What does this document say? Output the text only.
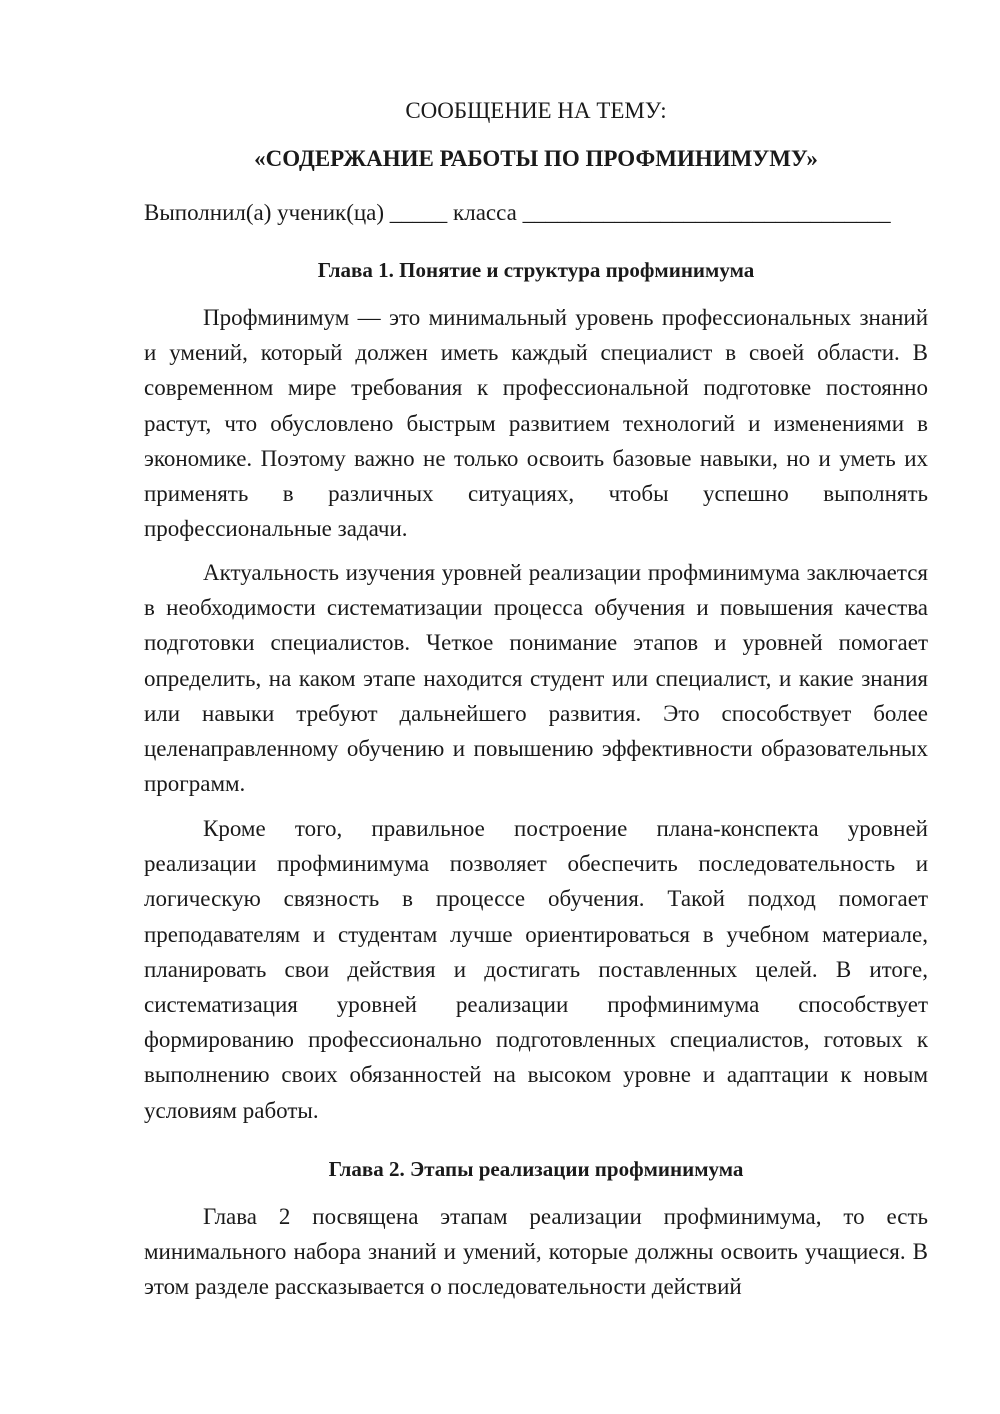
СООБЩЕНИЕ НА ТЕМУ:
«СОДЕРЖАНИЕ РАБОТЫ ПО ПРОФМИНИМУМУ»
Выполнил(а) ученик(ца) _____ класса ________________________________
Глава 1. Понятие и структура профминимума

Профминимум — это минимальный уровень профессиональных знаний и умений, который должен иметь каждый специалист в своей области. В современном мире требования к профессиональной подготовке постоянно растут, что обусловлено быстрым развитием технологий и изменениями в экономике. Поэтому важно не только освоить базовые навыки, но и уметь их применять в различных ситуациях, чтобы успешно выполнять профессиональные задачи.

Актуальность изучения уровней реализации профминимума заключается в необходимости систематизации процесса обучения и повышения качества подготовки специалистов. Четкое понимание этапов и уровней помогает определить, на каком этапе находится студент или специалист, и какие знания или навыки требуют дальнейшего развития. Это способствует более целенаправленному обучению и повышению эффективности образовательных программ.

Кроме того, правильное построение плана-конспекта уровней реализации профминимума позволяет обеспечить последовательность и логическую связность в процессе обучения. Такой подход помогает преподавателям и студентам лучше ориентироваться в учебном материале, планировать свои действия и достигать поставленных целей. В итоге, систематизация уровней реализации профминимума способствует формированию профессионально подготовленных специалистов, готовых к выполнению своих обязанностей на высоком уровне и адаптации к новым условиям работы.

Глава 2. Этапы реализации профминимума

Глава 2 посвящена этапам реализации профминимума, то есть минимального набора знаний и умений, которые должны освоить учащиеся. В этом разделе рассказывается о последовательности действий
